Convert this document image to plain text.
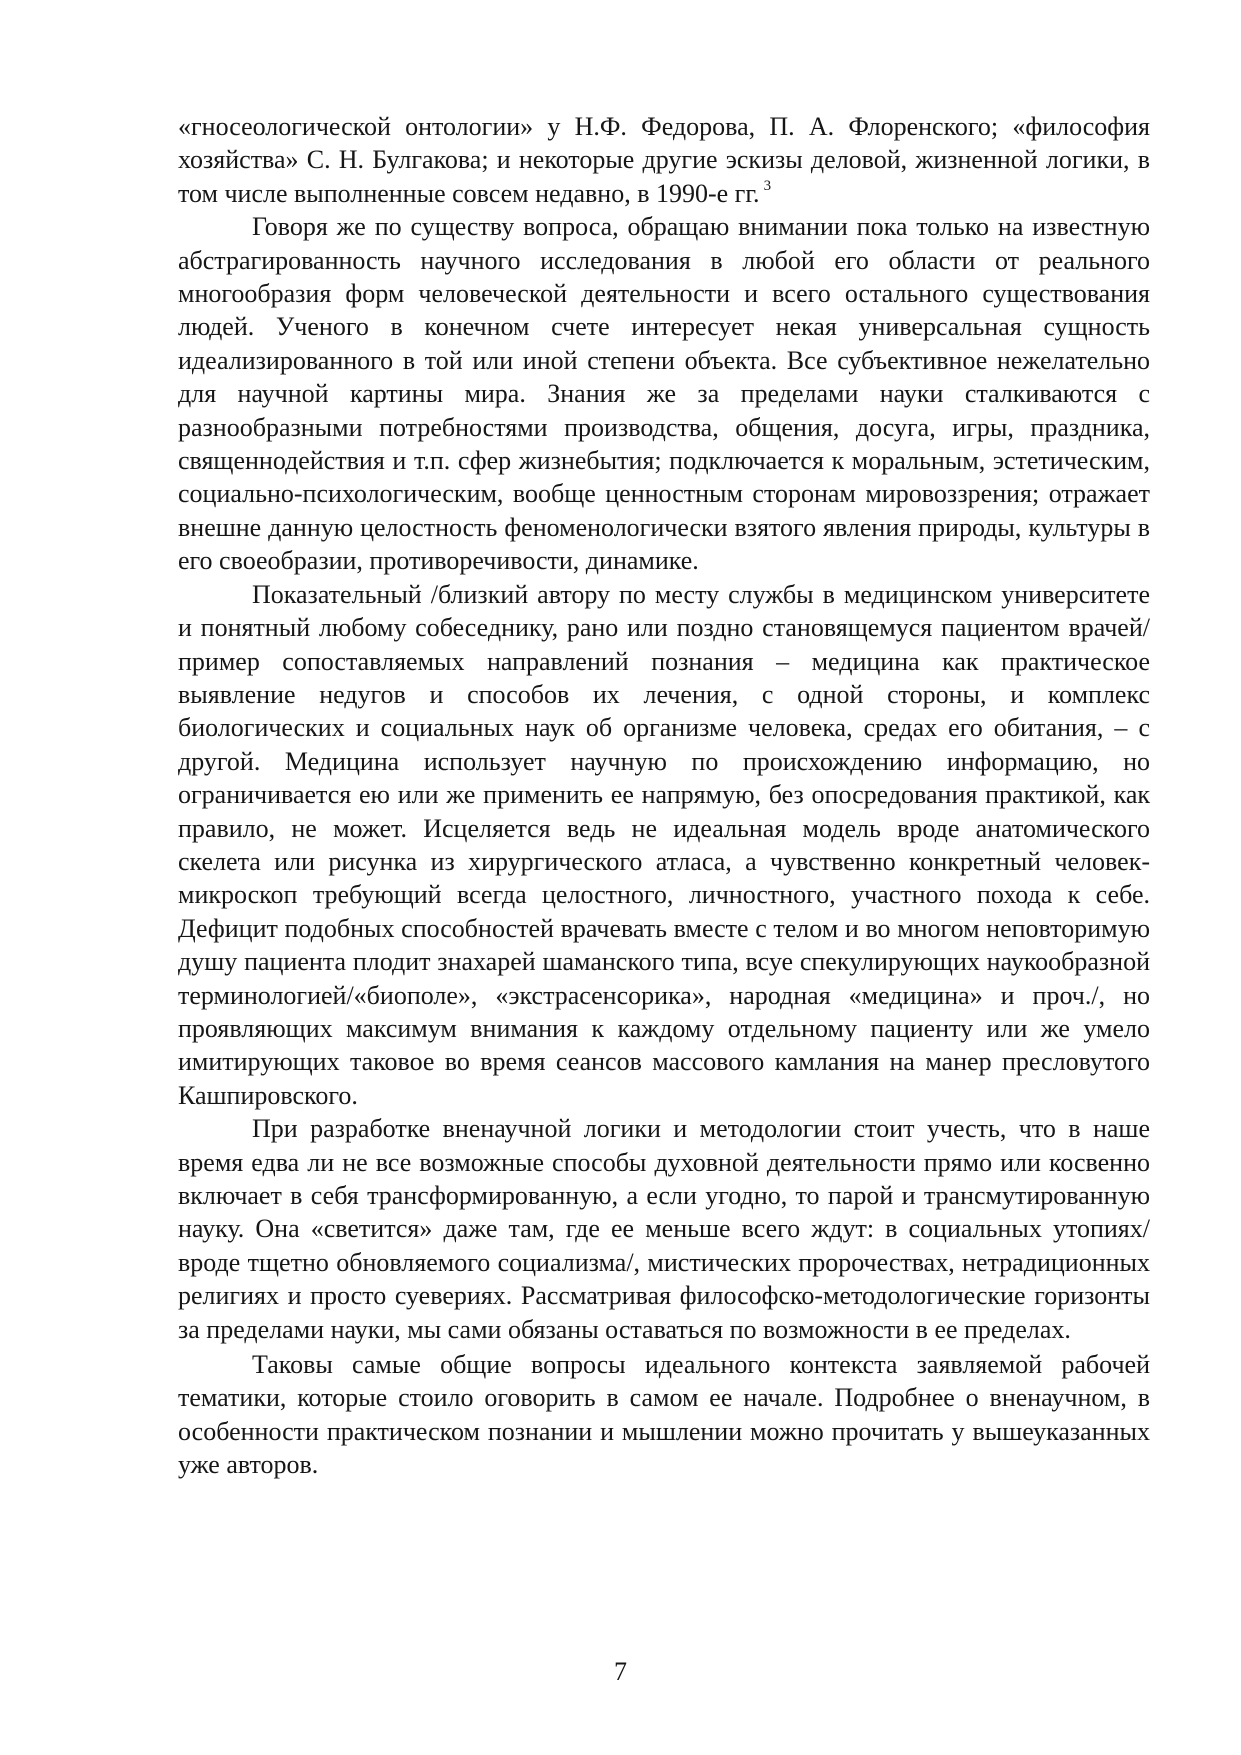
«гносеологической онтологии» у Н.Ф. Федорова, П. А. Флоренского; «философия хозяйства» С. Н. Булгакова; и некоторые другие эскизы деловой, жизненной логики, в том числе выполненные совсем недавно, в 1990-е гг. $^3$

Говоря же по существу вопроса, обращаю внимании пока только на известную абстрагированность научного исследования в любой его области от реального многообразия форм человеческой деятельности и всего остального существования людей. Ученого в конечном счете интересует некая универсальная сущность идеализированного в той или иной степени объекта. Все субъективное нежелательно для научной картины мира. Знания же за пределами науки сталкиваются с разнообразными потребностями производства, общения, досуга, игры, праздника, священнодействия и т.п. сфер жизнебытия; подключается к моральным, эстетическим, социально-психологическим, вообще ценностным сторонам мировоззрения; отражает внешне данную целостность феноменологически взятого явления природы, культуры в его своеобразии, противоречивости, динамике.

Показательный /близкий автору по месту службы в медицинском университете и понятный любому собеседнику, рано или поздно становящемуся пациентом врачей/ пример сопоставляемых направлений познания – медицина как практическое выявление недугов и способов их лечения, с одной стороны, и комплекс биологических и социальных наук об организме человека, средах его обитания, – с другой. Медицина использует научную по происхождению информацию, но ограничивается ею или же применить ее напрямую, без опосредования практикой, как правило, не может. Исцеляется ведь не идеальная модель вроде анатомического скелета или рисунка из хирургического атласа, а чувственно конкретный человек-микроскоп требующий всегда целостного, личностного, участного похода к себе. Дефицит подобных способностей врачевать вместе с телом и во многом неповторимую душу пациента плодит знахарей шаманского типа, всуе спекулирующих наукообразной терминологией/«биополе», «экстрасенсорика», народная «медицина» и проч./, но проявляющих максимум внимания к каждому отдельному пациенту или же умело имитирующих таковое во время сеансов массового камлания на манер пресловутого Кашпировского.

При разработке вненаучной логики и методологии стоит учесть, что в наше время едва ли не все возможные способы духовной деятельности прямо или косвенно включает в себя трансформированную, а если угодно, то парой и трансмутированную науку. Она «светится» даже там, где ее меньше всего ждут: в социальных утопиях/вроде тщетно обновляемого социализма/, мистических пророчествах, нетрадиционных религиях и просто суевериях. Рассматривая философско-методологические горизонты за пределами науки, мы сами обязаны оставаться по возможности в ее пределах.

Таковы самые общие вопросы идеального контекста заявляемой рабочей тематики, которые стоило оговорить в самом ее начале. Подробнее о вненаучном, в особенности практическом познании и мышлении можно прочитать у вышеуказанных уже авторов.

7
